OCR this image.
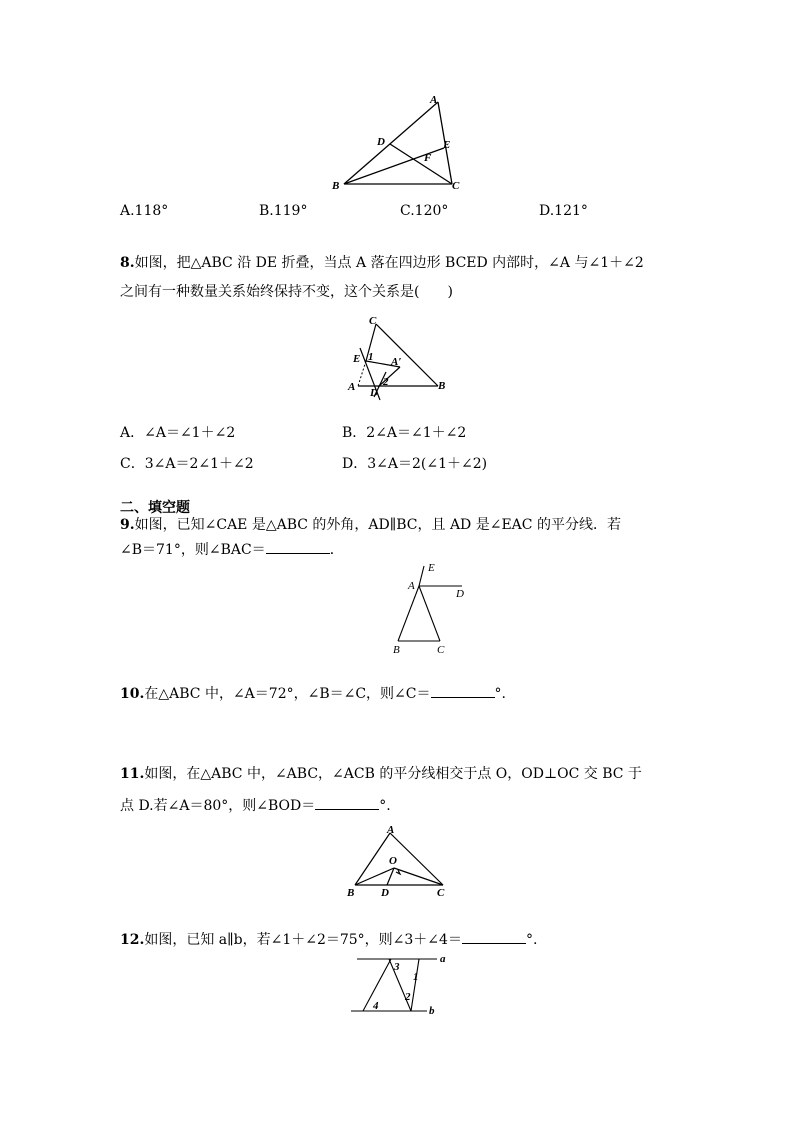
A
B	C
D	E
F
A.118°	B.119°	C.120°	D.121°
8.如图，把△ABC 沿 DE 折叠，当点 A 落在四边形 BCED 内部时，∠A 与∠1＋∠2
之间有一种数量关系始终保持不变，这个关系是(　　)
C
E
A
A′
D
B
1
2
A．∠A＝∠1＋∠2	B．2∠A＝∠1＋∠2
C．3∠A＝2∠1＋∠2	D．3∠A＝2(∠1＋∠2)
二、填空题
9.如图，已知∠CAE 是△ABC 的外角，AD∥BC，且 AD 是∠EAC 的平分线．若
∠B＝71°，则∠BAC＝	．
A
E
D
B	C
10.在△ABC 中，∠A＝72°，∠B＝∠C，则∠C＝	°.
11.如图，在△ABC 中，∠ABC，∠ACB 的平分线相交于点 O，OD⊥OC 交 BC 于
点 D.若∠A＝80°，则∠BOD＝	°.
A
O
B D	C
12.如图，已知 a∥b，若∠1＋∠2＝75°，则∠3＋∠4＝	°.
a
b
3
1
2
4
